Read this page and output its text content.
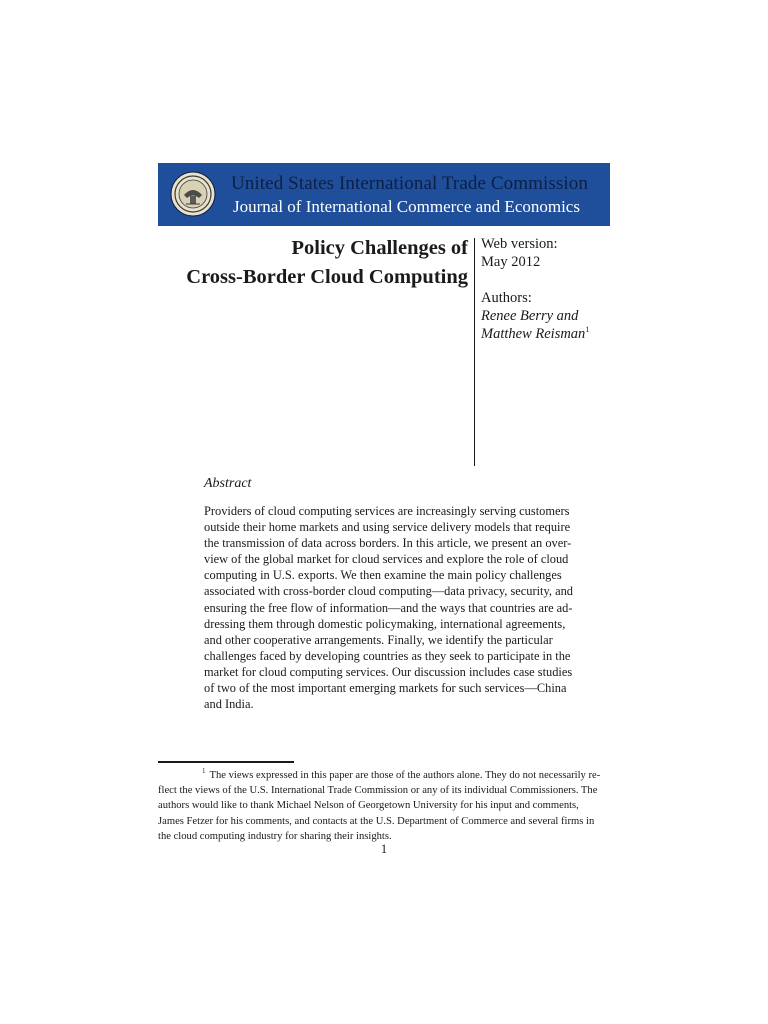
United States International Trade Commission
Journal of International Commerce and Economics
Policy Challenges of
Cross-Border Cloud Computing
Web version:
May 2012
Authors:
Renee Berry and
Matthew Reisman$^1$
Abstract
Providers of cloud computing services are increasingly serving customers
outside their home markets and using service delivery models that require
the transmission of data across borders. In this article, we present an over-
view of the global market for cloud services and explore the role of cloud
computing in U.S. exports. We then examine the main policy challenges
associated with cross-border cloud computing—data privacy, security, and
ensuring the free flow of information—and the ways that countries are ad-
dressing them through domestic policymaking, international agreements,
and other cooperative arrangements. Finally, we identify the particular
challenges faced by developing countries as they seek to participate in the
market for cloud computing services. Our discussion includes case studies
of two of the most important emerging markets for such services—China
and India.
$^1$ The views expressed in this paper are those of the authors alone. They do not necessarily re-
flect the views of the U.S. International Trade Commission or any of its individual Commissioners. The
authors would like to thank Michael Nelson of Georgetown University for his input and comments,
James Fetzer for his comments, and contacts at the U.S. Department of Commerce and several firms in
the cloud computing industry for sharing their insights.
1
